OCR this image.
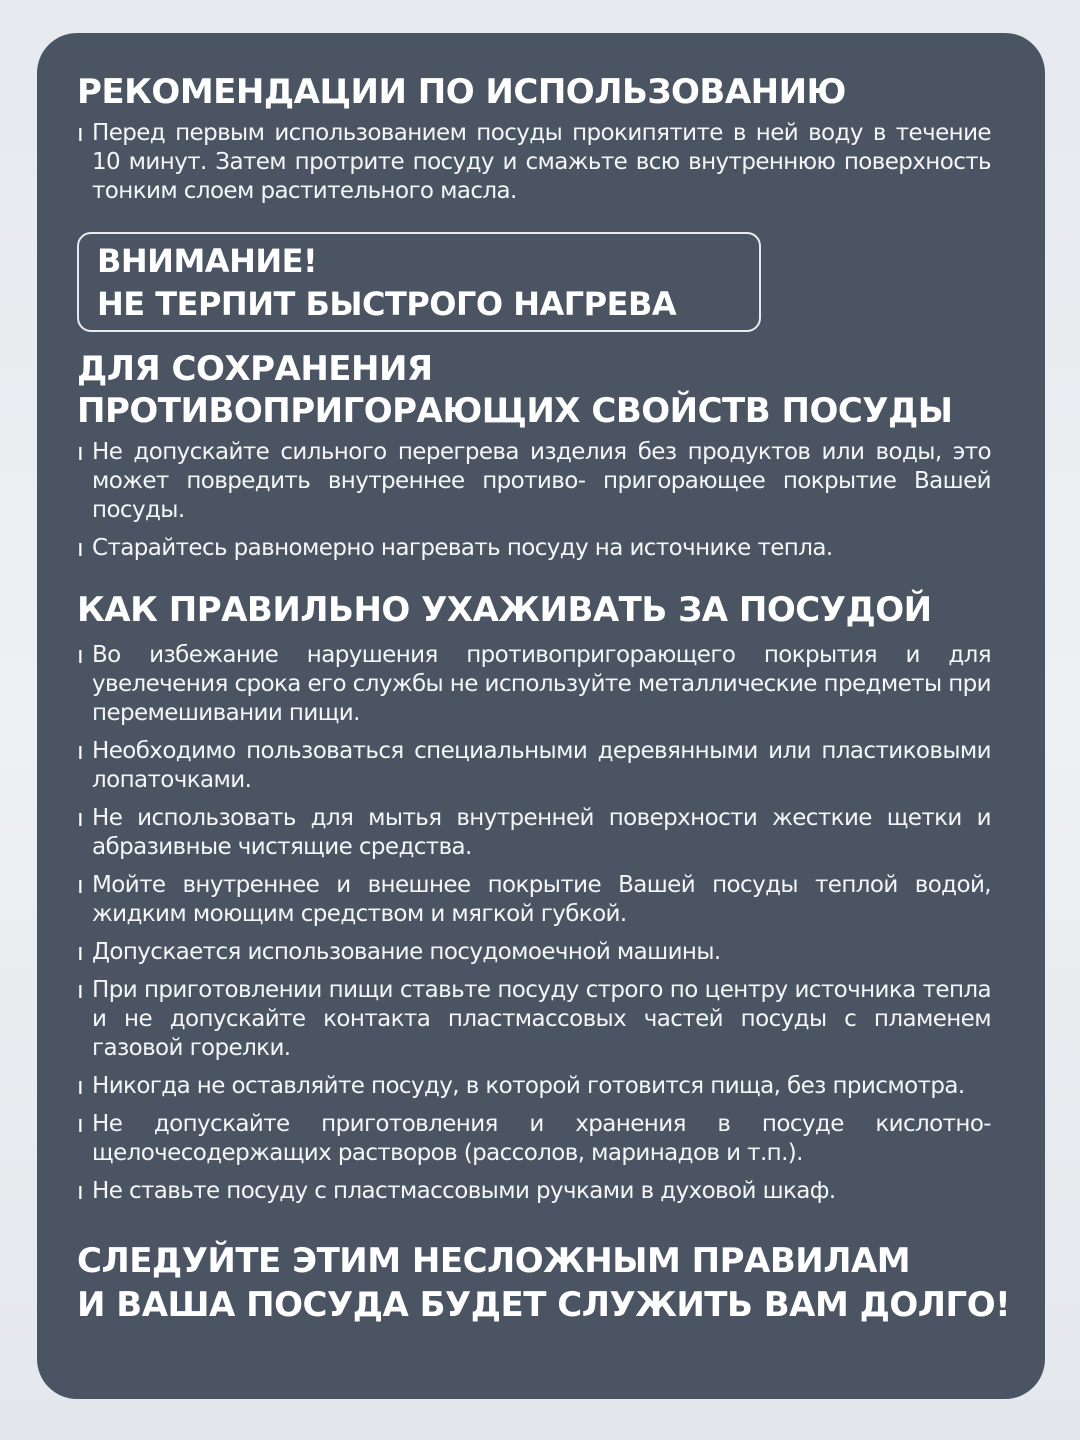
РЕКОМЕНДАЦИИ ПО ИСПОЛЬЗОВАНИЮ
ı Перед первым использованием посуды прокипятите в ней воду в течение 10 минут. Затем протрите посуду и смажьте всю внутреннюю поверхность тонким слоем растительного масла.
ВНИМАНИЕ!
НЕ ТЕРПИТ БЫСТРОГО НАГРЕВА
ДЛЯ СОХРАНЕНИЯ
ПРОТИВОПРИГОРАЮЩИХ СВОЙСТВ ПОСУДЫ
ı Не допускайте сильного перегрева изделия без продуктов или воды, это может повредить внутреннее противо- пригорающее покрытие Вашей посуды.
ı Старайтесь равномерно нагревать посуду на источнике тепла.
КАК ПРАВИЛЬНО УХАЖИВАТЬ ЗА ПОСУДОЙ
ı Во избежание нарушения противопригорающего покрытия и для увелечения срока его службы не используйте металлические предметы при перемешивании пищи.
ı Необходимо пользоваться специальными деревянными или пластиковыми лопаточками.
ı Не использовать для мытья внутренней поверхности жесткие щетки и абразивные чистящие средства.
ı Мойте внутреннее и внешнее покрытие Вашей посуды теплой водой, жидким моющим средством и мягкой губкой.
ı Допускается использование посудомоечной машины.
ı При приготовлении пищи ставьте посуду строго по центру источника тепла и не допускайте контакта пластмассовых частей посуды с пламенем газовой горелки.
ı Никогда не оставляйте посуду, в которой готовится пища, без присмотра.
ı Не допускайте приготовления и хранения в посуде кислотно-щелочесодержащих растворов (рассолов, маринадов и т.п.).
ı Не ставьте посуду с пластмассовыми ручками в духовой шкаф.
СЛЕДУЙТЕ ЭТИМ НЕСЛОЖНЫМ ПРАВИЛАМ
И ВАША ПОСУДА БУДЕТ СЛУЖИТЬ ВАМ ДОЛГО!
